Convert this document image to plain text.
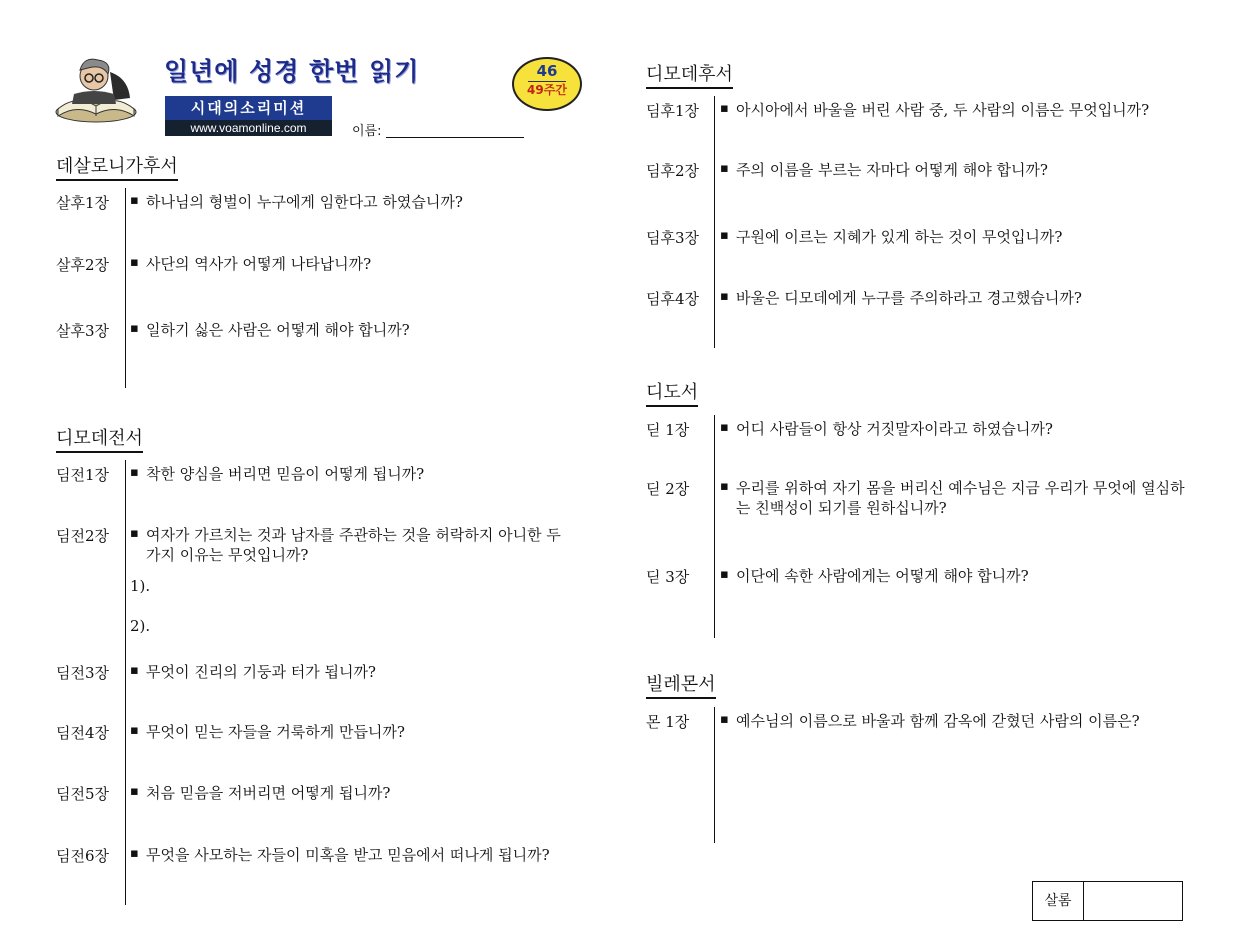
일년에 성경 한번 읽기
시대의소리미션
www.voamonline.com
46
49주간
이름:
데살로니가후서
살후1장 ▪ 하나님의 형벌이 누구에게 임한다고 하였습니까?
살후2장 ▪ 사단의 역사가 어떻게 나타납니까?
살후3장 ▪ 일하기 싫은 사람은 어떻게 해야 합니까?
디모데전서
딤전1장 ▪ 착한 양심을 버리면 믿음이 어떻게 됩니까?
딤전2장 ▪ 여자가 가르치는 것과 남자를 주관하는 것을 허락하지 아니한 두 가지 이유는 무엇입니까?
1).
2).
딤전3장 ▪ 무엇이 진리의 기둥과 터가 됩니까?
딤전4장 ▪ 무엇이 믿는 자들을 거룩하게 만듭니까?
딤전5장 ▪ 처음 믿음을 저버리면 어떻게 됩니까?
딤전6장 ▪ 무엇을 사모하는 자들이 미혹을 받고 믿음에서 떠나게 됩니까?
디모데후서
딤후1장 ▪ 아시아에서 바울을 버린 사람 중, 두 사람의 이름은 무엇입니까?
딤후2장 ▪ 주의 이름을 부르는 자마다 어떻게 해야 합니까?
딤후3장 ▪ 구원에 이르는 지혜가 있게 하는 것이 무엇입니까?
딤후4장 ▪ 바울은 디모데에게 누구를 주의하라고 경고했습니까?
디도서
딛 1장 ▪ 어디 사람들이 항상 거짓말자이라고 하였습니까?
딛 2장 ▪ 우리를 위하여 자기 몸을 버리신 예수님은 지금 우리가 무엇에 열심하는 친백성이 되기를 원하십니까?
딛 3장 ▪ 이단에 속한 사람에게는 어떻게 해야 합니까?
빌레몬서
몬 1장 ▪ 예수님의 이름으로 바울과 함께 감옥에 갇혔던 사람의 이름은?
살롬
